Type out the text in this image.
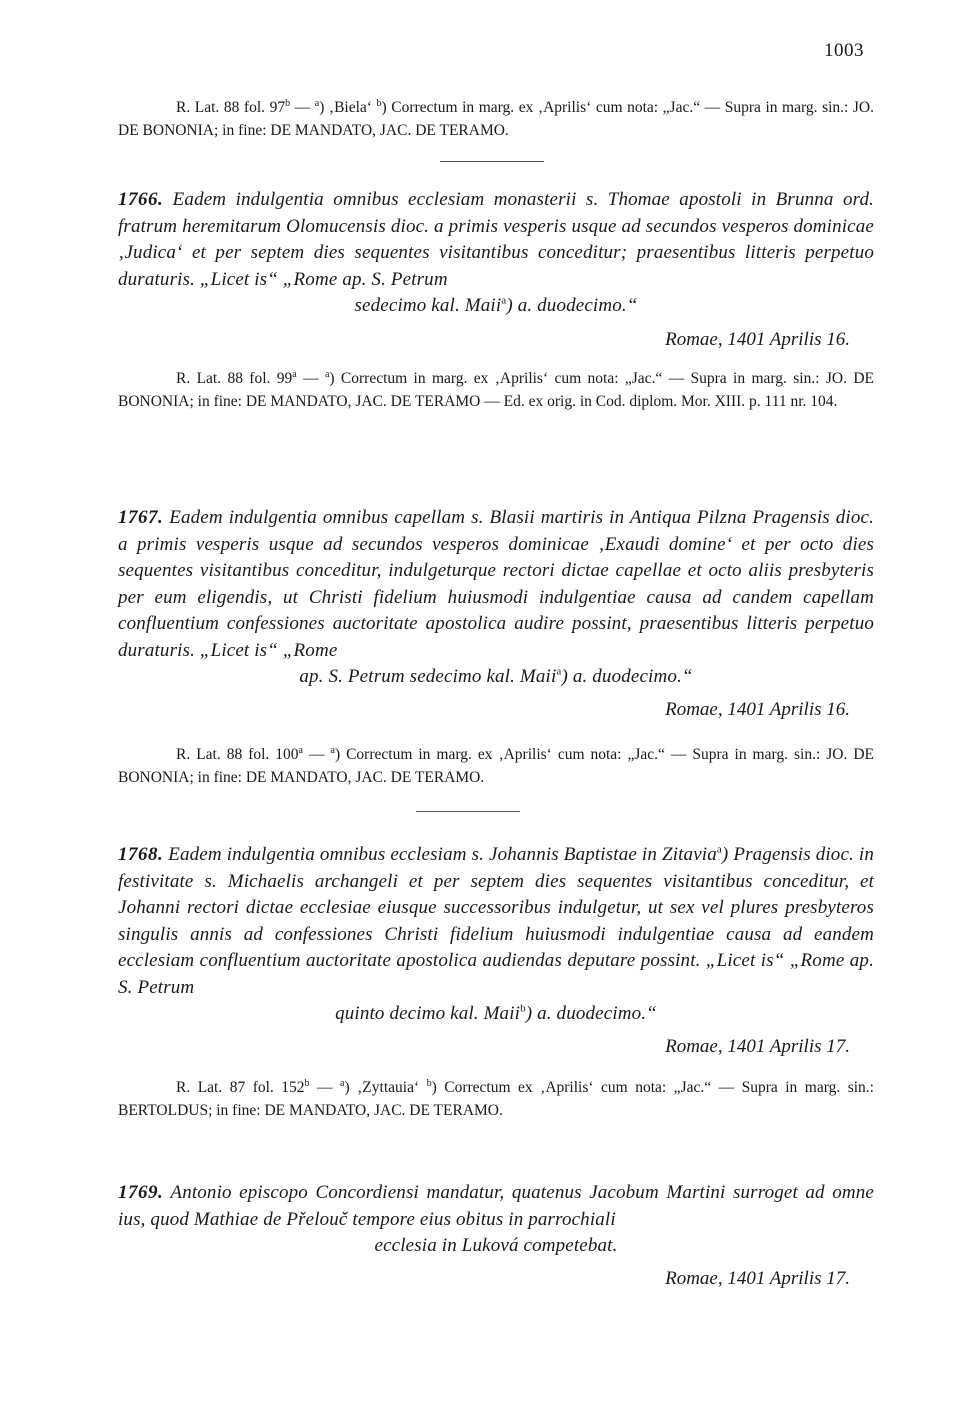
1003

R. Lat. 88 fol. 97$^b$ — $^a$) ‚Biela‘ $^b$) Correctum in marg. ex ‚Aprilis‘ cum nota: „Jac.“ — Supra in marg. sin.: JO. DE BONONIA; in fine: DE MANDATO, JAC. DE TERAMO.

1766. Eadem indulgentia omnibus ecclesiam monasterii s. Thomae apostoli in Brunna ord. fratrum heremitarum Olomucensis dioc. a primis vesperis usque ad secundos vesperos dominicae ‚Judica‘ et per septem dies sequentes visitantibus conceditur; praesentibus litteris perpetuo duraturis. „Licet is“ „Rome ap. S. Petrum
sedecimo kal. Maii$^a$) a. duodecimo.“

Romae, 1401 Aprilis 16.

R. Lat. 88 fol. 99$^a$ — $^a$) Correctum in marg. ex ‚Aprilis‘ cum nota: „Jac.“ — Supra in marg. sin.: JO. DE BONONIA; in fine: DE MANDATO, JAC. DE TERAMO — Ed. ex orig. in Cod. diplom. Mor. XIII. p. 111 nr. 104.

1767. Eadem indulgentia omnibus capellam s. Blasii martiris in Antiqua Pilzna Pragensis dioc. a primis vesperis usque ad secundos vesperos dominicae ‚Exaudi domine‘ et per octo dies sequentes visitantibus conceditur, indulgeturque rectori dictae capellae et octo aliis presbyteris per eum eligendis, ut Christi fidelium huiusmodi indulgentiae causa ad candem capellam confluentium confessiones auctoritate apostolica audire possint, praesentibus litteris perpetuo duraturis. „Licet is“ „Rome
ap. S. Petrum sedecimo kal. Maii$^a$) a. duodecimo.“

Romae, 1401 Aprilis 16.

R. Lat. 88 fol. 100$^a$ — $^a$) Correctum in marg. ex ‚Aprilis‘ cum nota: „Jac.“ — Supra in marg. sin.: JO. DE BONONIA; in fine: DE MANDATO, JAC. DE TERAMO.

1768. Eadem indulgentia omnibus ecclesiam s. Johannis Baptistae in Zitavia$^a$) Pragensis dioc. in festivitate s. Michaelis archangeli et per septem dies sequentes visitantibus conceditur, et Johanni rectori dictae ecclesiae eiusque successoribus indulgetur, ut sex vel plures presbyteros singulis annis ad confessiones Christi fidelium huiusmodi indulgentiae causa ad eandem ecclesiam confluentium auctoritate apostolica audiendas deputare possint. „Licet is“ „Rome ap. S. Petrum
quinto decimo kal. Maii$^b$) a. duodecimo.“

Romae, 1401 Aprilis 17.

R. Lat. 87 fol. 152$^b$ — $^a$) ‚Zyttauia‘ $^b$) Correctum ex ‚Aprilis‘ cum nota: „Jac.“ — Supra in marg. sin.: BERTOLDUS; in fine: DE MANDATO, JAC. DE TERAMO.

1769. Antonio episcopo Concordiensi mandatur, quatenus Jacobum Martini surroget ad omne ius, quod Mathiae de Přelouč tempore eius obitus in parrochiali
ecclesia in Luková competebat.

Romae, 1401 Aprilis 17.
